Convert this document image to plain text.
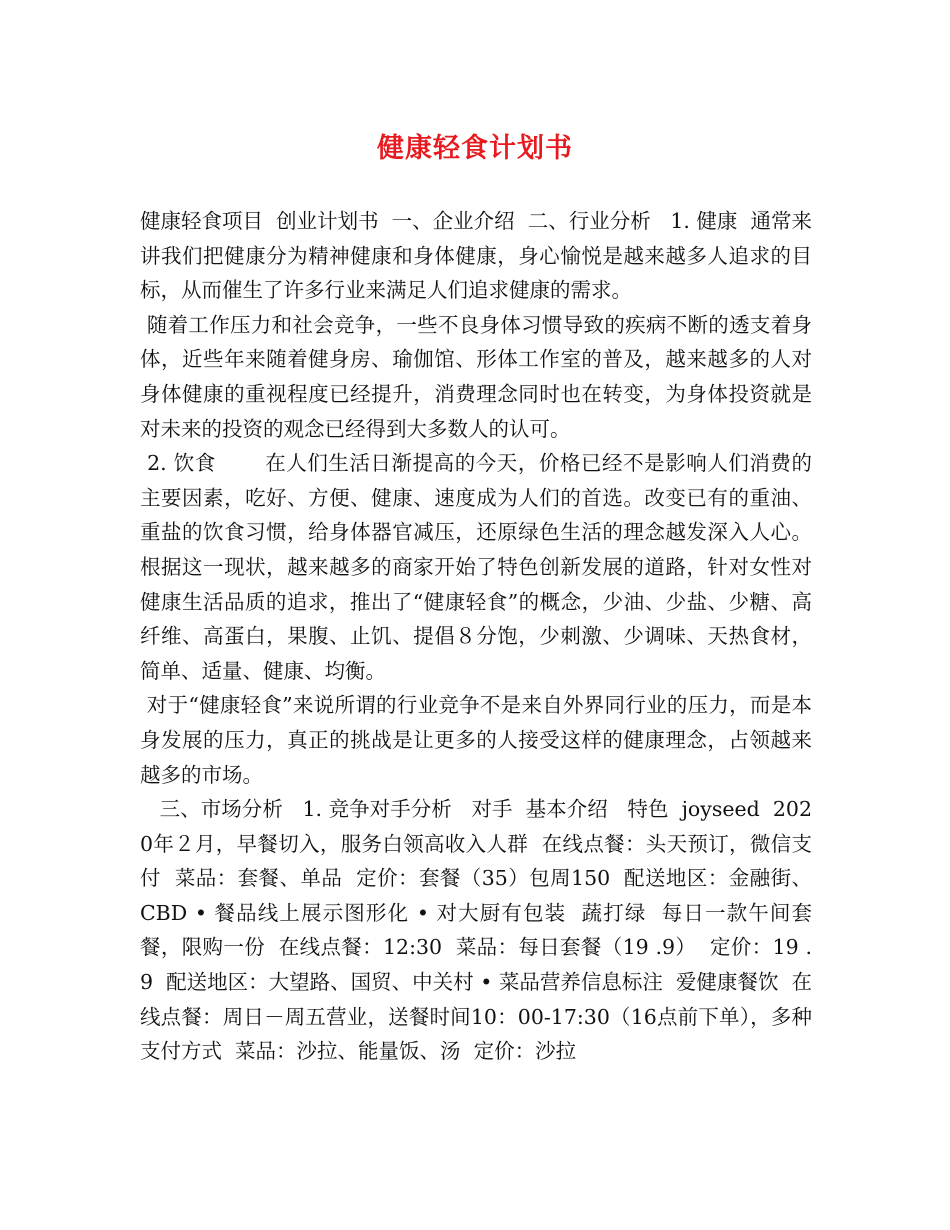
健康轻食计划书

健康轻食项目  创业计划书  一、企业介绍  二、行业分析   1. 健康  通常来讲我们把健康分为精神健康和身体健康，身心愉悦是越来越多人追求的目标，从而催生了许多行业来满足人们追求健康的需求。

随着工作压力和社会竞争，一些不良身体习惯导致的疾病不断的透支着身体，近些年来随着健身房、瑜伽馆、形体工作室的普及，越来越多的人对身体健康的重视程度已经提升，消费理念同时也在转变，为身体投资就是对未来的投资的观念已经得到大多数人的认可。

2. 饮食       在人们生活日渐提高的今天，价格已经不是影响人们消费的主要因素，吃好、方便、健康、速度成为人们的首选。改变已有的重油、重盐的饮食习惯，给身体器官减压，还原绿色生活的理念越发深入人心。根据这一现状，越来越多的商家开始了特色创新发展的道路，针对女性对健康生活品质的追求，推出了“健康轻食”的概念，少油、少盐、少糖、高纤维、高蛋白，果腹、止饥、提倡８分饱，少刺激、少调味、天热食材，简单、适量、健康、均衡。

对于“健康轻食”来说所谓的行业竞争不是来自外界同行业的压力，而是本身发展的压力，真正的挑战是让更多的人接受这样的健康理念，占领越来越多的市场。

三、市场分析   1. 竞争对手分析   对手  基本介绍   特色  joyseed  2020年２月，早餐切入，服务白领高收入人群  在线点餐：头天预订，微信支付  菜品：套餐、单品  定价：套餐（35）包周150  配送地区：金融街、CBD • 餐品线上展示图形化 • 对大厨有包装  蔬打绿  每日一款午间套餐，限购一份  在线点餐：12:30  菜品：每日套餐（19 .9）  定价：19 .9  配送地区：大望路、国贸、中关村 • 菜品营养信息标注  爱健康餐饮  在线点餐：周日－周五营业，送餐时间10：00-17:30（16点前下单），多种支付方式  菜品：沙拉、能量饭、汤  定价：沙拉
